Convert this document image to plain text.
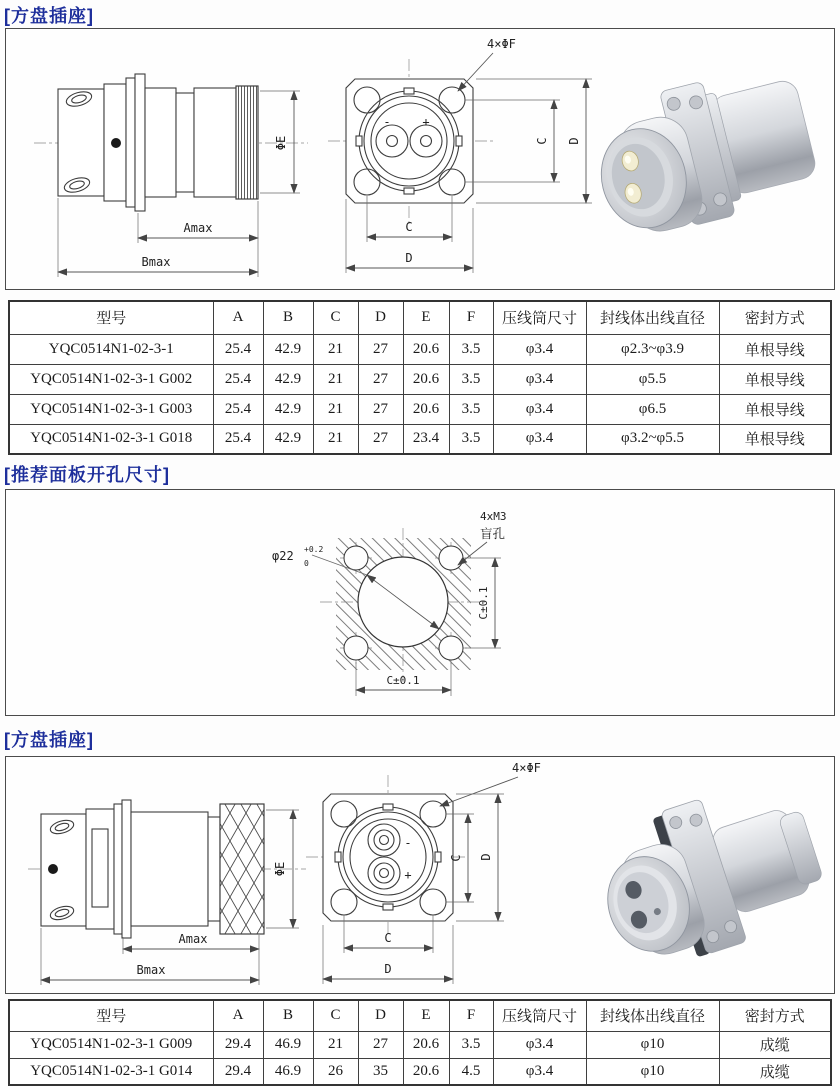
[方盘插座]
ΦE
Amax
Bmax
-	+
4×ΦF
C D
C
D
型号	A	B	C	D	E	F	压线筒尺寸	封线体出线直径	密封方式
YQC0514N1-02-3-1	25.4	42.9	21	27	20.6	3.5	φ3.4	φ2.3~φ3.9	单根导线
YQC0514N1-02-3-1 G002	25.4	42.9	21	27	20.6	3.5	φ3.4	φ5.5	单根导线
YQC0514N1-02-3-1 G003	25.4	42.9	21	27	20.6	3.5	φ3.4	φ6.5	单根导线
YQC0514N1-02-3-1 G018	25.4	42.9	21	27	23.4	3.5	φ3.4	φ3.2~φ5.5	单根导线
[推荐面板开孔尺寸]
φ22 +0.2
0
4xM3
盲孔
C±0.1
C±0.1
[方盘插座]
ΦE
Amax
Bmax
-
+
4×ΦF
C D
C
D
型号	A	B	C	D	E	F	压线筒尺寸	封线体出线直径	密封方式
YQC0514N1-02-3-1 G009	29.4	46.9	21	27	20.6	3.5	φ3.4	φ10	成缆
YQC0514N1-02-3-1 G014	29.4	46.9	26	35	20.6	4.5	φ3.4	φ10	成缆
